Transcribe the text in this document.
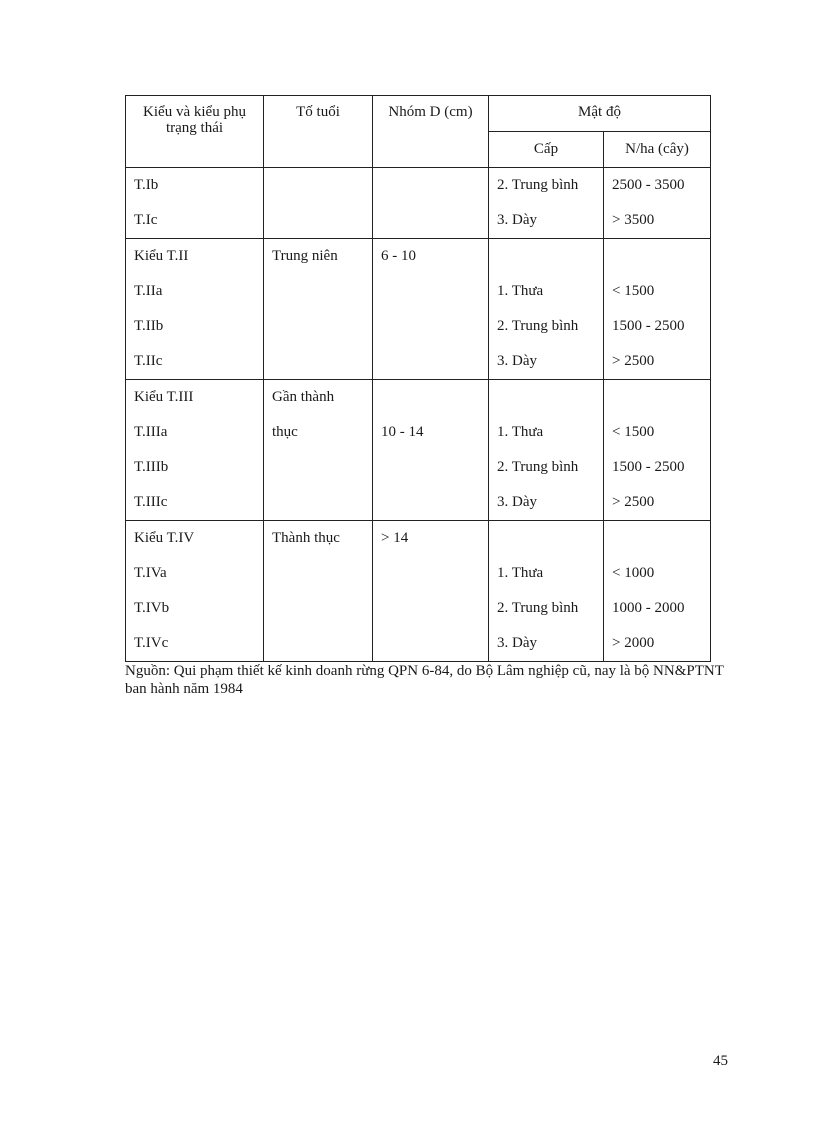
Kiểu và kiểu phụ trạng thái	Tố tuổi	Nhóm D (cm)	Mật độ	
			Cấp	N/ha (cây)
T.Ib			2. Trung bình	2500 - 3500
T.Ic			3. Dày	> 3500
Kiểu T.II	Trung niên	6 - 10		
T.IIa			1. Thưa	< 1500
T.IIb			2. Trung bình	1500 - 2500
T.IIc			3. Dày	> 2500
Kiểu T.III	Gần thành			
T.IIIa	thục	10 - 14	1. Thưa	< 1500
T.IIIb			2. Trung bình	1500 - 2500
T.IIIc			3. Dày	> 2500
Kiểu T.IV	Thành thục	> 14		
T.IVa			1. Thưa	< 1000
T.IVb			2. Trung bình	1000 - 2000
T.IVc			3. Dày	> 2000
Nguồn: Qui phạm thiết kế kinh doanh rừng QPN 6-84, do Bộ Lâm nghiệp cũ, nay là bộ NN&PTNT ban hành năm 1984
45
